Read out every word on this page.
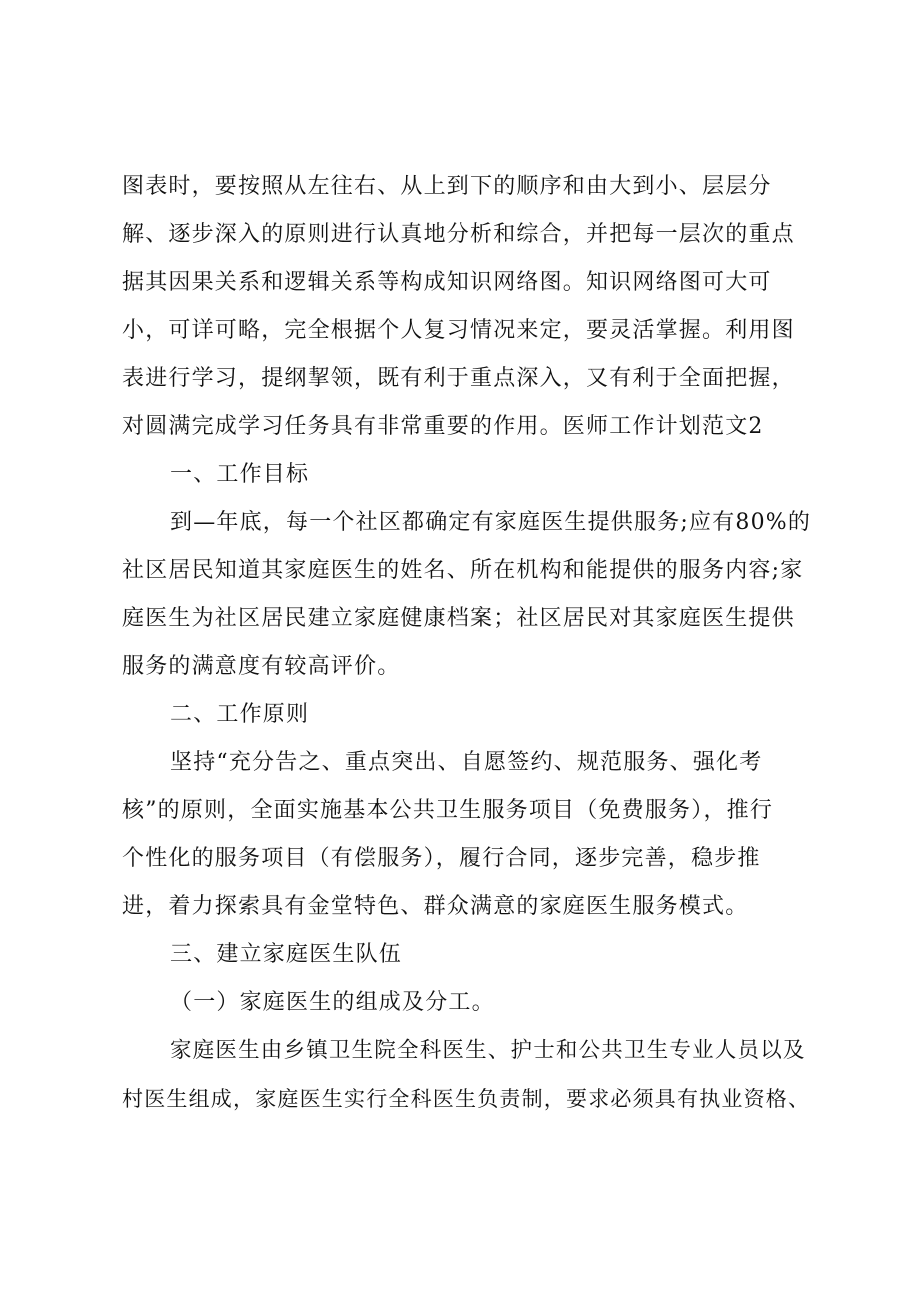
图表时，要按照从左往右、从上到下的顺序和由大到小、层层分
解、逐步深入的原则进行认真地分析和综合，并把每一层次的重点
据其因果关系和逻辑关系等构成知识网络图。知识网络图可大可
小，可详可略，完全根据个人复习情况来定，要灵活掌握。利用图
表进行学习，提纲挈领，既有利于重点深入，又有利于全面把握，
对圆满完成学习任务具有非常重要的作用。医师工作计划范文2
一、工作目标
到—年底，每一个社区都确定有家庭医生提供服务;应有80%的
社区居民知道其家庭医生的姓名、所在机构和能提供的服务内容;家
庭医生为社区居民建立家庭健康档案；社区居民对其家庭医生提供
服务的满意度有较高评价。
二、工作原则
坚持“充分告之、重点突出、自愿签约、规范服务、强化考
核”的原则，全面实施基本公共卫生服务项目（免费服务），推行
个性化的服务项目（有偿服务），履行合同，逐步完善，稳步推
进，着力探索具有金堂特色、群众满意的家庭医生服务模式。
三、建立家庭医生队伍
（一）家庭医生的组成及分工。
家庭医生由乡镇卫生院全科医生、护士和公共卫生专业人员以及
村医生组成，家庭医生实行全科医生负责制，要求必须具有执业资格、
